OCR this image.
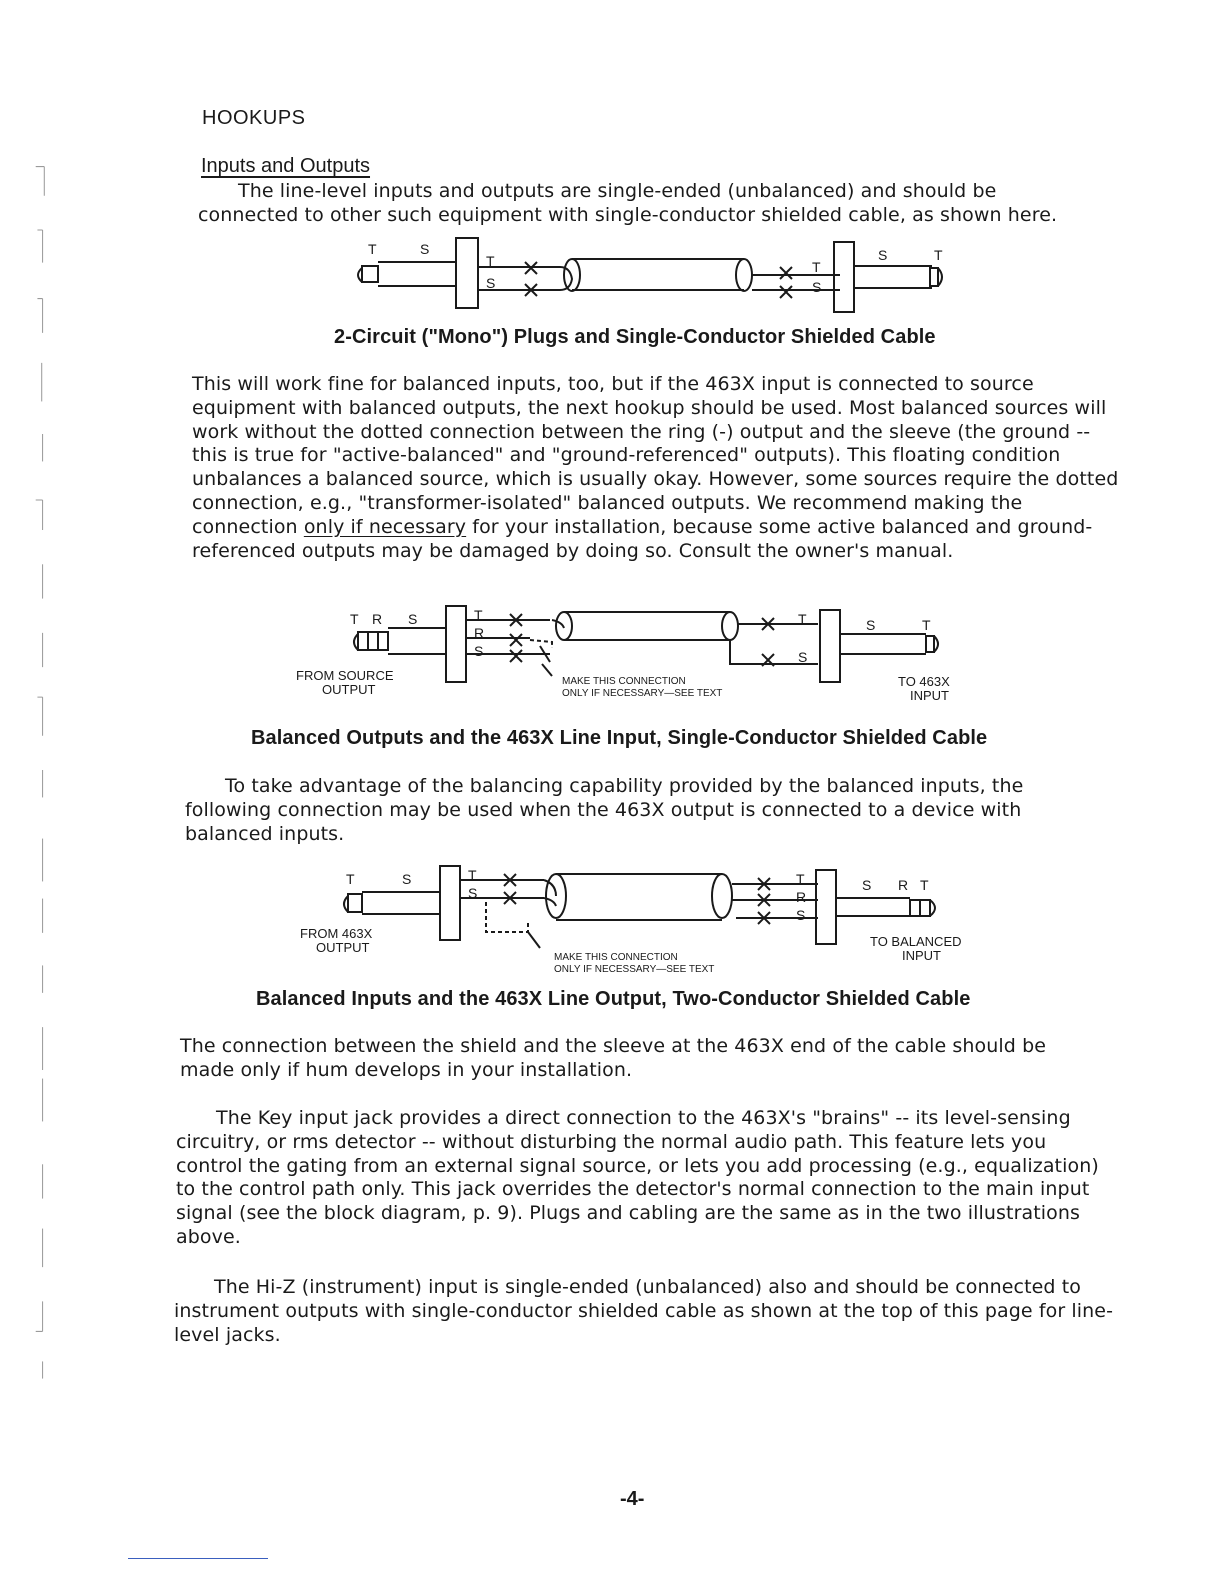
HOOKUPS
Inputs and Outputs

The line-level inputs and outputs are single-ended (unbalanced) and should be connected to other such equipment with single-conductor shielded cable, as shown here.

T	S
T
S
T
S
S	T
2-Circuit ("Mono") Plugs and Single-Conductor Shielded Cable

This will work fine for balanced inputs, too, but if the 463X input is connected to source equipment with balanced outputs, the next hookup should be used. Most balanced sources will work without the dotted connection between the ring (-) output and the sleeve (the ground -- this is true for "active-balanced" and "ground-referenced" outputs). This floating condition unbalances a balanced source, which is usually okay. However, some sources require the dotted connection, e.g., "transformer-isolated" balanced outputs. We recommend making the connection only if necessary for your installation, because some active balanced and ground-referenced outputs may be damaged by doing so. Consult the owner's manual.

T R S	T
R
S
T
S
S	T
FROM SOURCE
OUTPUT
MAKE THIS CONNECTION
ONLY IF NECESSARY—SEE TEXT
TO 463X
INPUT
Balanced Outputs and the 463X Line Input, Single-Conductor Shielded Cable

To take advantage of the balancing capability provided by the balanced inputs, the following connection may be used when the 463X output is connected to a device with balanced inputs.

T	S	T
S
T
R
S
S R T
FROM 463X
OUTPUT
MAKE THIS CONNECTION
ONLY IF NECESSARY—SEE TEXT
TO BALANCED
INPUT
Balanced Inputs and the 463X Line Output, Two-Conductor Shielded Cable

The connection between the shield and the sleeve at the 463X end of the cable should be made only if hum develops in your installation.

The Key input jack provides a direct connection to the 463X's "brains" -- its level-sensing circuitry, or rms detector -- without disturbing the normal audio path. This feature lets you control the gating from an external signal source, or lets you add processing (e.g., equalization) to the control path only. This jack overrides the detector's normal connection to the main input signal (see the block diagram, p. 9). Plugs and cabling are the same as in the two illustrations above.

The Hi-Z (instrument) input is single-ended (unbalanced) also and should be connected to instrument outputs with single-conductor shielded cable as shown at the top of this page for line-level jacks.

-4-
